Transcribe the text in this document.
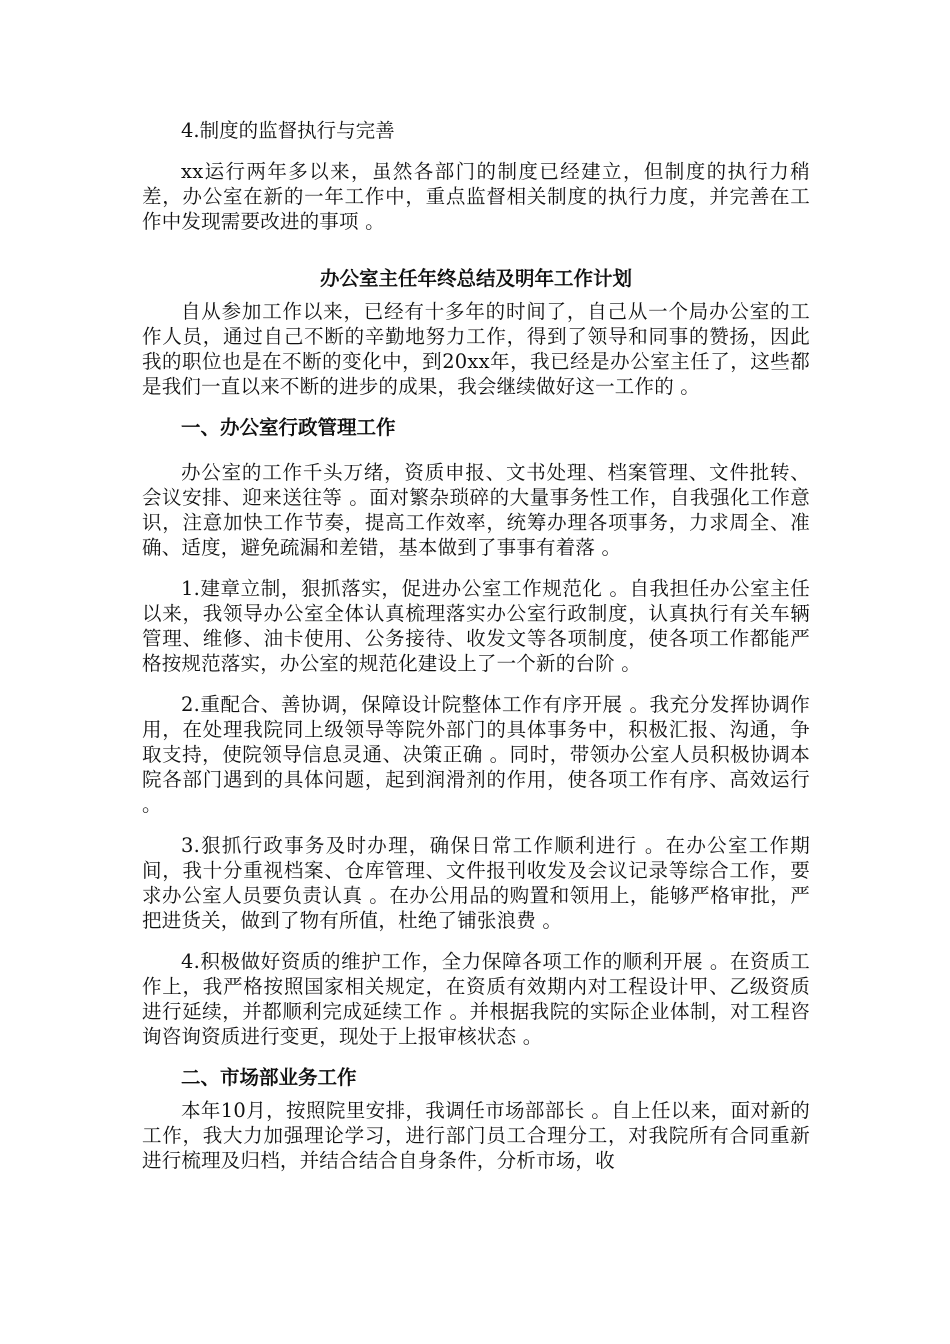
4.制度的监督执行与完善

xx运行两年多以来，虽然各部门的制度已经建立，但制度的执行力稍差，办公室在新的一年工作中，重点监督相关制度的执行力度，并完善在工作中发现需要改进的事项 。

办公室主任年终总结及明年工作计划

自从参加工作以来，已经有十多年的时间了，自己从一个局办公室的工作人员，通过自己不断的辛勤地努力工作，得到了领导和同事的赞扬，因此我的职位也是在不断的变化中，到20xx年，我已经是办公室主任了，这些都是我们一直以来不断的进步的成果，我会继续做好这一工作的 。

一、办公室行政管理工作

办公室的工作千头万绪，资质申报、文书处理、档案管理、文件批转、会议安排、迎来送往等 。面对繁杂琐碎的大量事务性工作，自我强化工作意识，注意加快工作节奏，提高工作效率，统筹办理各项事务，力求周全、准确、适度，避免疏漏和差错，基本做到了事事有着落 。

1.建章立制，狠抓落实，促进办公室工作规范化 。自我担任办公室主任以来，我领导办公室全体认真梳理落实办公室行政制度，认真执行有关车辆管理、维修、油卡使用、公务接待、收发文等各项制度，使各项工作都能严格按规范落实，办公室的规范化建设上了一个新的台阶 。

2.重配合、善协调，保障设计院整体工作有序开展 。我充分发挥协调作用，在处理我院同上级领导等院外部门的具体事务中，积极汇报、沟通，争取支持，使院领导信息灵通、决策正确 。同时，带领办公室人员积极协调本院各部门遇到的具体问题，起到润滑剂的作用，使各项工作有序、高效运行 。

3.狠抓行政事务及时办理，确保日常工作顺利进行 。在办公室工作期间，我十分重视档案、仓库管理、文件报刊收发及会议记录等综合工作，要求办公室人员要负责认真 。在办公用品的购置和领用上，能够严格审批，严把进货关，做到了物有所值，杜绝了铺张浪费 。

4.积极做好资质的维护工作，全力保障各项工作的顺利开展 。在资质工作上，我严格按照国家相关规定，在资质有效期内对工程设计甲、乙级资质进行延续，并都顺利完成延续工作 。并根据我院的实际企业体制，对工程咨询咨询资质进行变更，现处于上报审核状态 。

二、市场部业务工作

本年10月，按照院里安排，我调任市场部部长 。自上任以来，面对新的工作，我大力加强理论学习，进行部门员工合理分工，对我院所有合同重新进行梳理及归档，并结合结合自身条件，分析市场，收
